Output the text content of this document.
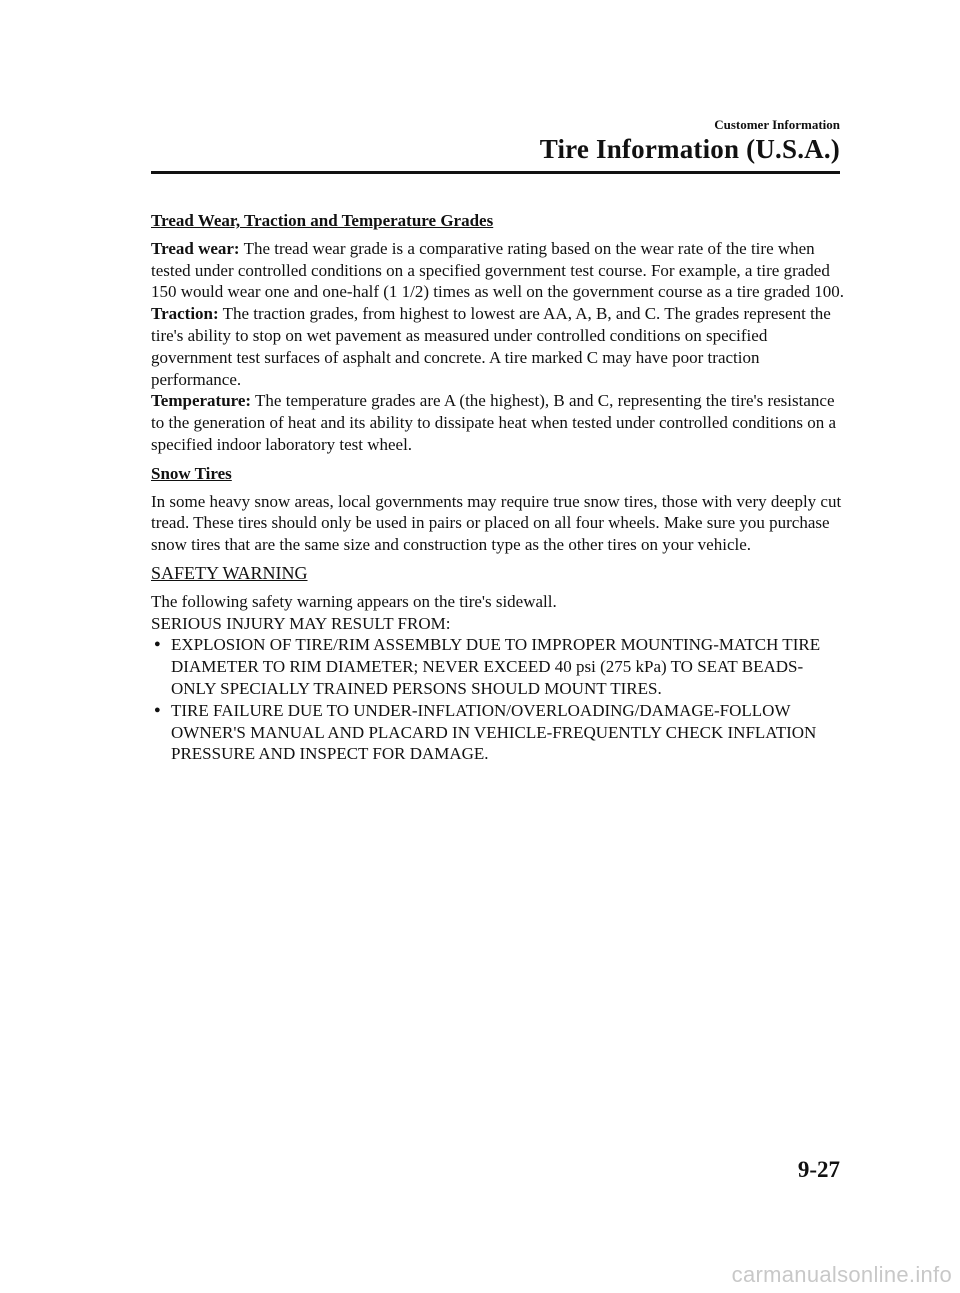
Customer Information
Tire Information (U.S.A.)
Tread Wear, Traction and Temperature Grades

Tread wear: The tread wear grade is a comparative rating based on the wear rate of the tire when tested under controlled conditions on a specified government test course. For example, a tire graded 150 would wear one and one-half (1 1/2) times as well on the government course as a tire graded 100.

Traction: The traction grades, from highest to lowest are AA, A, B, and C. The grades represent the tire's ability to stop on wet pavement as measured under controlled conditions on specified government test surfaces of asphalt and concrete. A tire marked C may have poor traction performance.

Temperature: The temperature grades are A (the highest), B and C, representing the tire's resistance to the generation of heat and its ability to dissipate heat when tested under controlled conditions on a specified indoor laboratory test wheel.

Snow Tires

In some heavy snow areas, local governments may require true snow tires, those with very deeply cut tread. These tires should only be used in pairs or placed on all four wheels. Make sure you purchase snow tires that are the same size and construction type as the other tires on your vehicle.

SAFETY WARNING

The following safety warning appears on the tire's sidewall.

SERIOUS INJURY MAY RESULT FROM:

● EXPLOSION OF TIRE/RIM ASSEMBLY DUE TO IMPROPER MOUNTING-MATCH TIRE DIAMETER TO RIM DIAMETER; NEVER EXCEED 40 psi (275 kPa) TO SEAT BEADS-ONLY SPECIALLY TRAINED PERSONS SHOULD MOUNT TIRES.
● TIRE FAILURE DUE TO UNDER-INFLATION/OVERLOADING/DAMAGE-FOLLOW OWNER'S MANUAL AND PLACARD IN VEHICLE-FREQUENTLY CHECK INFLATION PRESSURE AND INSPECT FOR DAMAGE.
9-27
carmanualsonline.info
